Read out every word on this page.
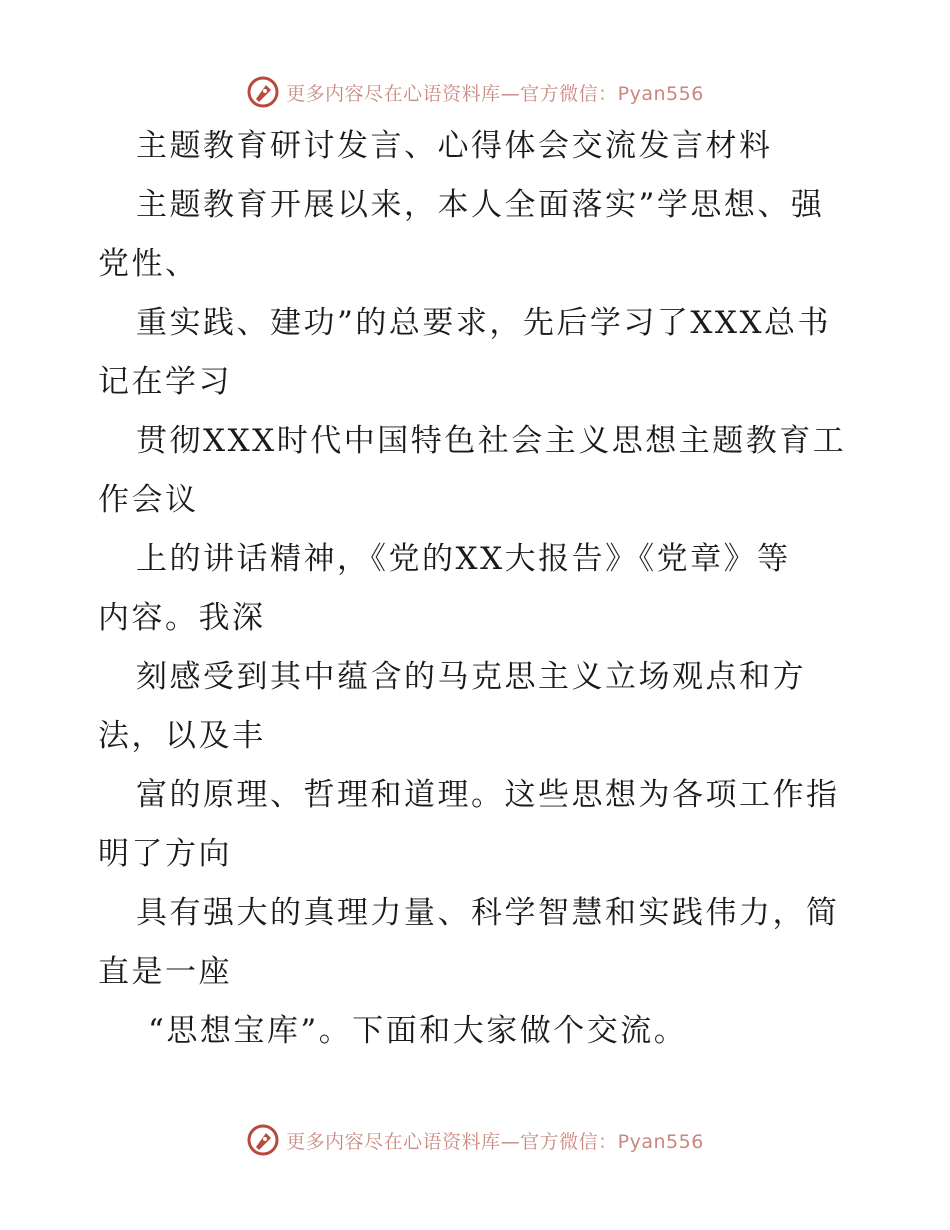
更多内容尽在心语资料库—官方微信：Pyan556
主题教育研讨发言、心得体会交流发言材料
主题教育开展以来，本人全面落实”学思想、强
党性、
重实践、建功”的总要求，先后学习了XXX总书
记在学习
贯彻XXX时代中国特色社会主义思想主题教育工
作会议
上的讲话精神，《党的XX大报告》《党章》等
内容。我深
刻感受到其中蕴含的马克思主义立场观点和方
法，以及丰
富的原理、哲理和道理。这些思想为各项工作指
明了方向
具有强大的真理力量、科学智慧和实践伟力，简
直是一座
“思想宝库”。下面和大家做个交流。
更多内容尽在心语资料库—官方微信：Pyan556
